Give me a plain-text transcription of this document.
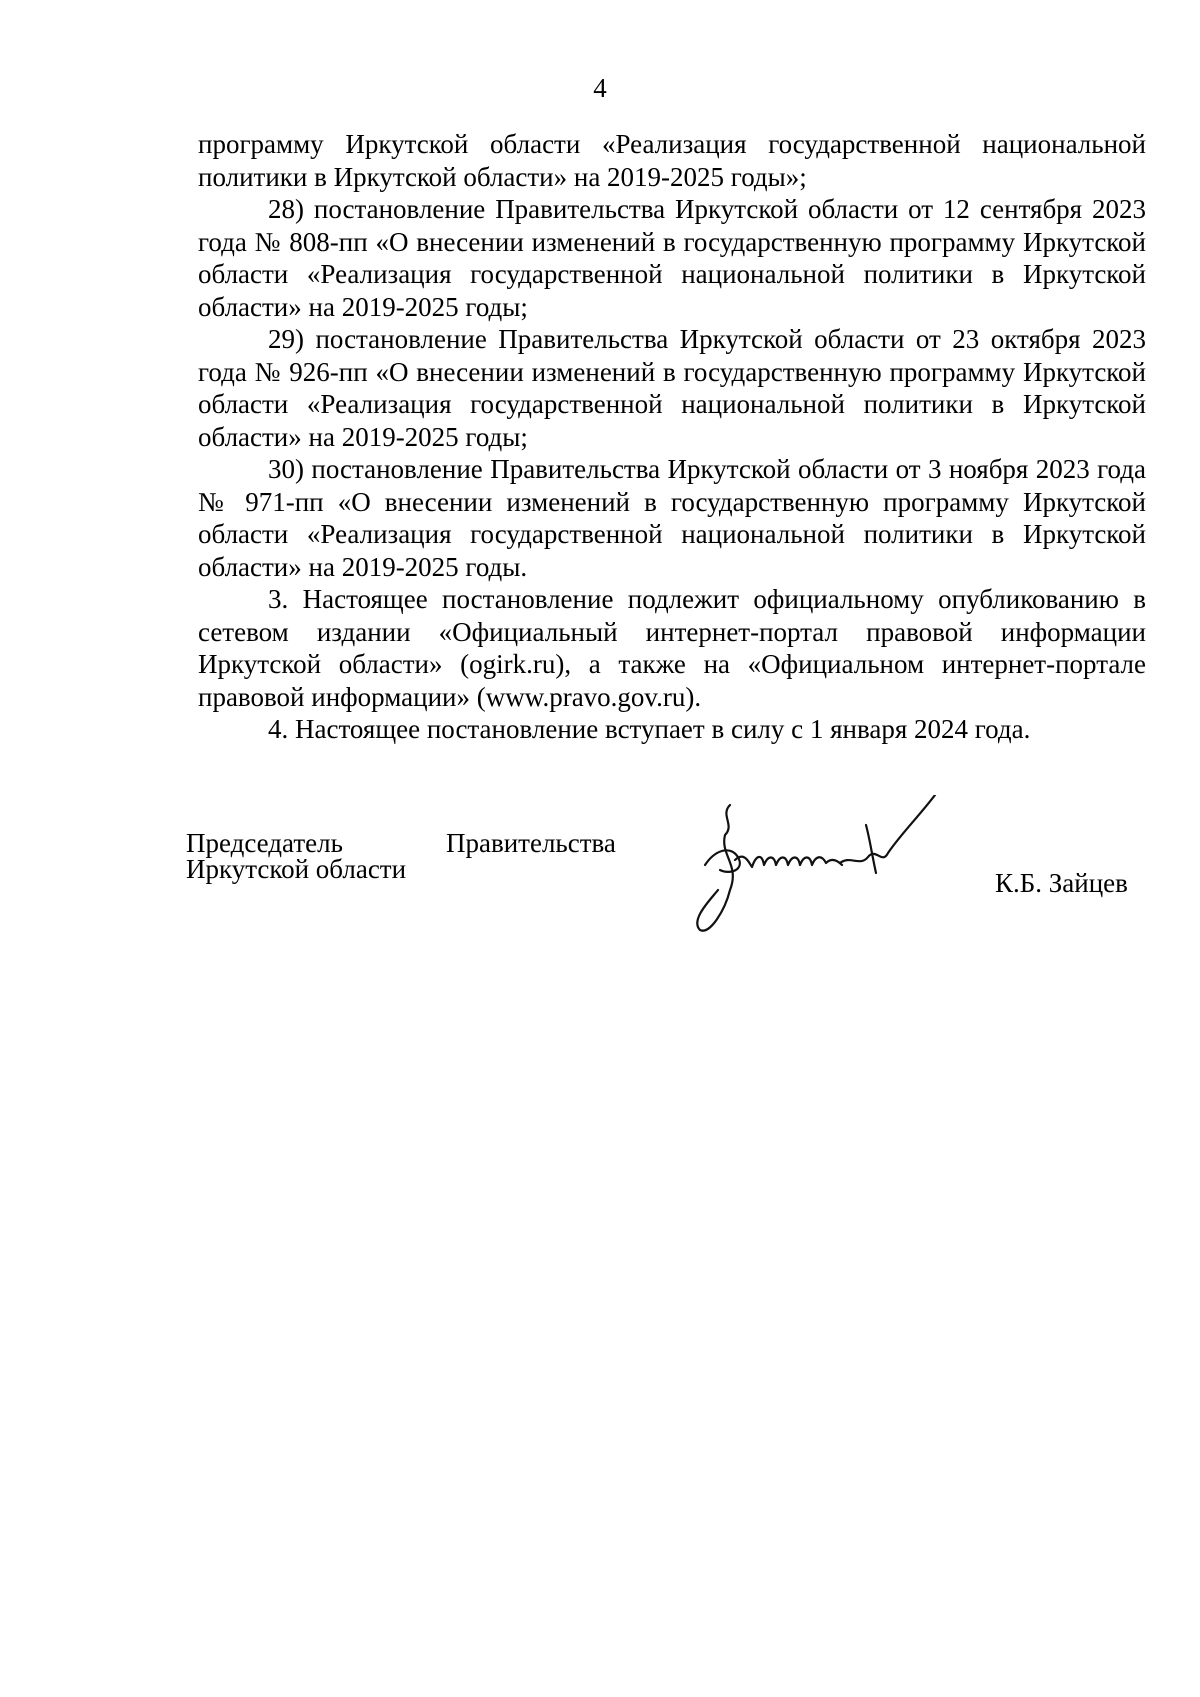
4

программу Иркутской области «Реализация государственной национальной политики в Иркутской области» на 2019-2025 годы»;

28) постановление Правительства Иркутской области от 12 сентября 2023 года № 808-пп «О внесении изменений в государственную программу Иркутской области «Реализация государственной национальной политики в Иркутской области» на 2019-2025 годы;

29) постановление Правительства Иркутской области от 23 октября 2023 года № 926-пп «О внесении изменений в государственную программу Иркутской области «Реализация государственной национальной политики в Иркутской области» на 2019-2025 годы;

30) постановление Правительства Иркутской области от 3 ноября 2023 года № 971-пп «О внесении изменений в государственную программу Иркутской области «Реализация государственной национальной политики в Иркутской области» на 2019-2025 годы.

3. Настоящее постановление подлежит официальному опубликованию в сетевом издании «Официальный интернет-портал правовой информации Иркутской области» (ogirk.ru), а также на «Официальном интернет-портале правовой информации» (www.pravo.gov.ru).

4. Настоящее постановление вступает в силу с 1 января 2024 года.

Председатель
Иркутской области
Правительства
К.Б. Зайцев
